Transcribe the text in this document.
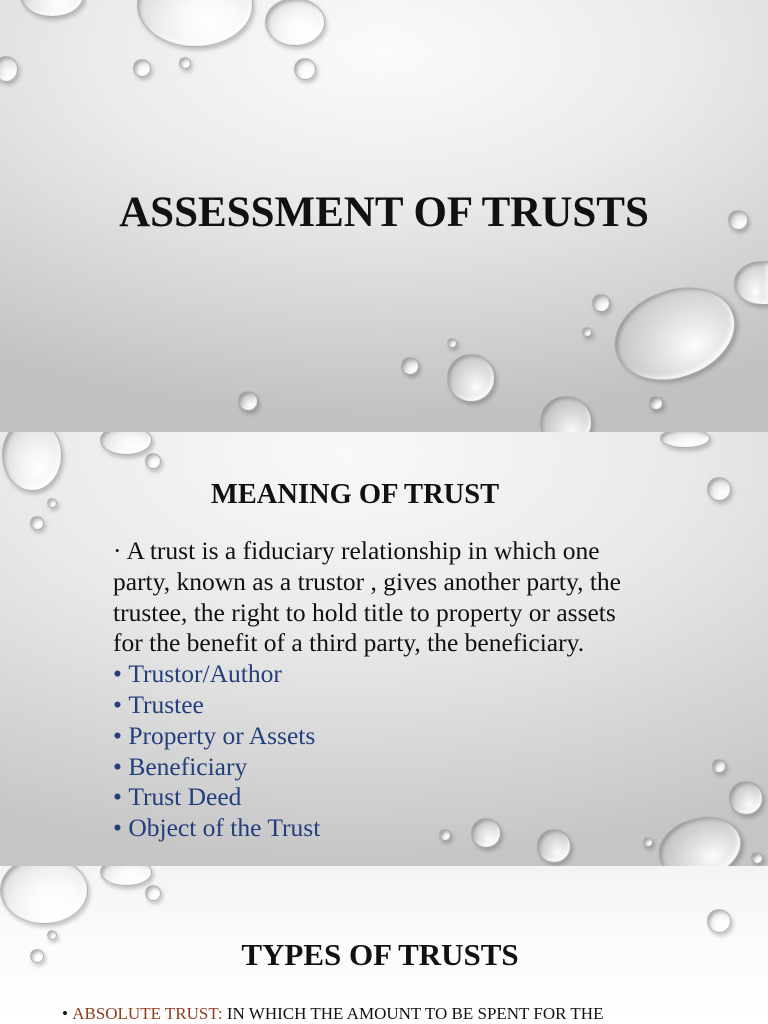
ASSESSMENT OF TRUSTS
MEANING OF TRUST
· A trust is a fiduciary relationship in which one
party, known as a trustor , gives another party, the
trustee, the right to hold title to property or assets
for the benefit of a third party, the beneficiary.
• Trustor/Author
• Trustee
• Property or Assets
• Beneficiary
• Trust Deed
• Object of the Trust
TYPES OF TRUSTS
• ABSOLUTE TRUST: IN WHICH THE AMOUNT TO BE SPENT FOR THE
